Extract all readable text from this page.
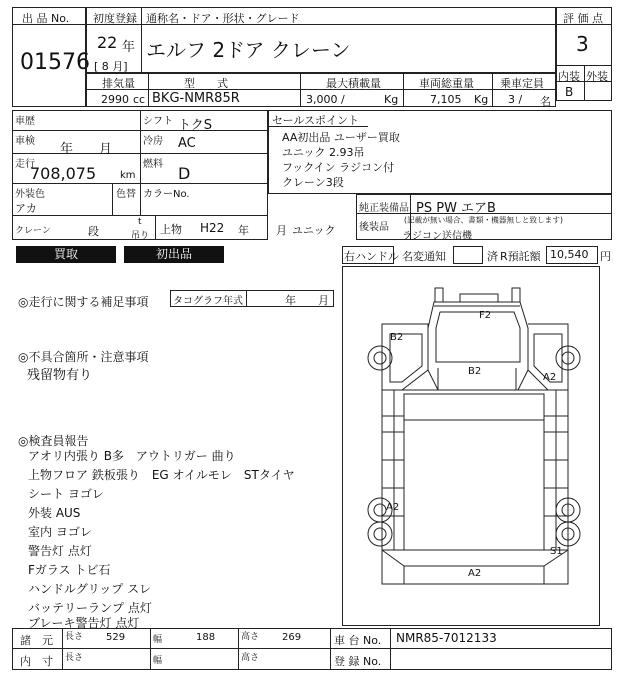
出 品 No.
01576
初度登録 通称名・ドア・形状・グレード
22 年
[ 8 月]
エルフ 2ドア クレーン
評 価 点
3
内装 外装
B
排気量	型　　式	最大積載量	車両総重量 乗車定員
2990 cc BKG-NMR85R	3,000 /	Kg	7,105 Kg 3 / 名
車歴	シフト トクS
車検
年　　月
冷房 AC
走行
708,075 km
燃料 D
外装色
アカ
色替 カラーNo.
クレーン	段
t
吊り 上物 H22 年 月 ユニック
セールスポイント
AA初出品 ユーザー買取
ユニック 2.93吊
フックイン ラジコン付
クレーン3段
純正装備品 PS PW エアB
後装品
(記載が無い場合、書類・機器無しと致します)
ラジコン送信機
買取	初出品	右ハンドル 名変通知	済 R預託額 10,540 円
◎走行に関する補足事項 タコグラフ年式	年　　月
◎不具合箇所・注意事項
残留物有り
◎検査員報告
アオリ内張り B多　アウトリガー 曲り
上物フロア 鉄板張り　EG オイルモレ　STタイヤ
シート ヨゴレ
外装 AUS
室内 ヨゴレ
警告灯 点灯
Fガラス トビ石
ハンドルグリップ スレ
バッテリーランプ 点灯
ブレーキ警告灯 点灯
F2
B2
B2
A2
A2
S1
A2
諸　元 長さ 529	幅	188	高さ 269	車 台 No. NMR85-7012133
内　寸 長さ	幅	高さ	登 録 No.
